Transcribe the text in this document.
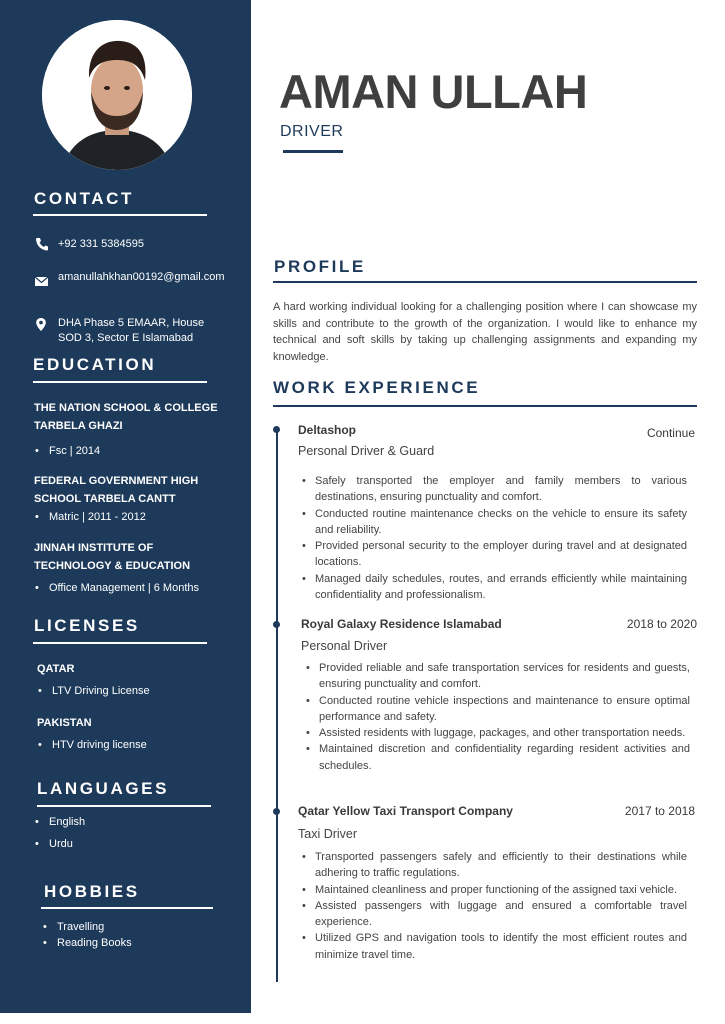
CONTACT
+92 331 5384595
amanullahkhan00192@gmail.com
DHA Phase 5 EMAAR, House SOD 3, Sector E Islamabad
EDUCATION
THE NATION SCHOOL & COLLEGE TARBELA GHAZI
• Fsc | 2014
FEDERAL GOVERNMENT HIGH SCHOOL TARBELA CANTT
• Matric | 2011 - 2012
JINNAH INSTITUTE OF TECHNOLOGY & EDUCATION
• Office Management | 6 Months
LICENSES
QATAR
• LTV Driving License
PAKISTAN
• HTV driving license
LANGUAGES
• English
• Urdu
HOBBIES
• Travelling
• Reading Books
AMAN ULLAH
DRIVER
PROFILE
A hard working individual looking for a challenging position where I can showcase my skills and contribute to the growth of the organization. I would like to enhance my technical and soft skills by taking up challenging assignments and expanding my knowledge.
WORK EXPERIENCE
Deltashop	Continue
Personal Driver & Guard
• Safely transported the employer and family members to various destinations, ensuring punctuality and comfort.
• Conducted routine maintenance checks on the vehicle to ensure its safety and reliability.
• Provided personal security to the employer during travel and at designated locations.
• Managed daily schedules, routes, and errands efficiently while maintaining confidentiality and professionalism.
Royal Galaxy Residence Islamabad	2018 to 2020
Personal Driver
• Provided reliable and safe transportation services for residents and guests, ensuring punctuality and comfort.
• Conducted routine vehicle inspections and maintenance to ensure optimal performance and safety.
• Assisted residents with luggage, packages, and other transportation needs.
• Maintained discretion and confidentiality regarding resident activities and schedules.
Qatar Yellow Taxi Transport Company	2017 to 2018
Taxi Driver
• Transported passengers safely and efficiently to their destinations while adhering to traffic regulations.
• Maintained cleanliness and proper functioning of the assigned taxi vehicle.
• Assisted passengers with luggage and ensured a comfortable travel experience.
• Utilized GPS and navigation tools to identify the most efficient routes and minimize travel time.
